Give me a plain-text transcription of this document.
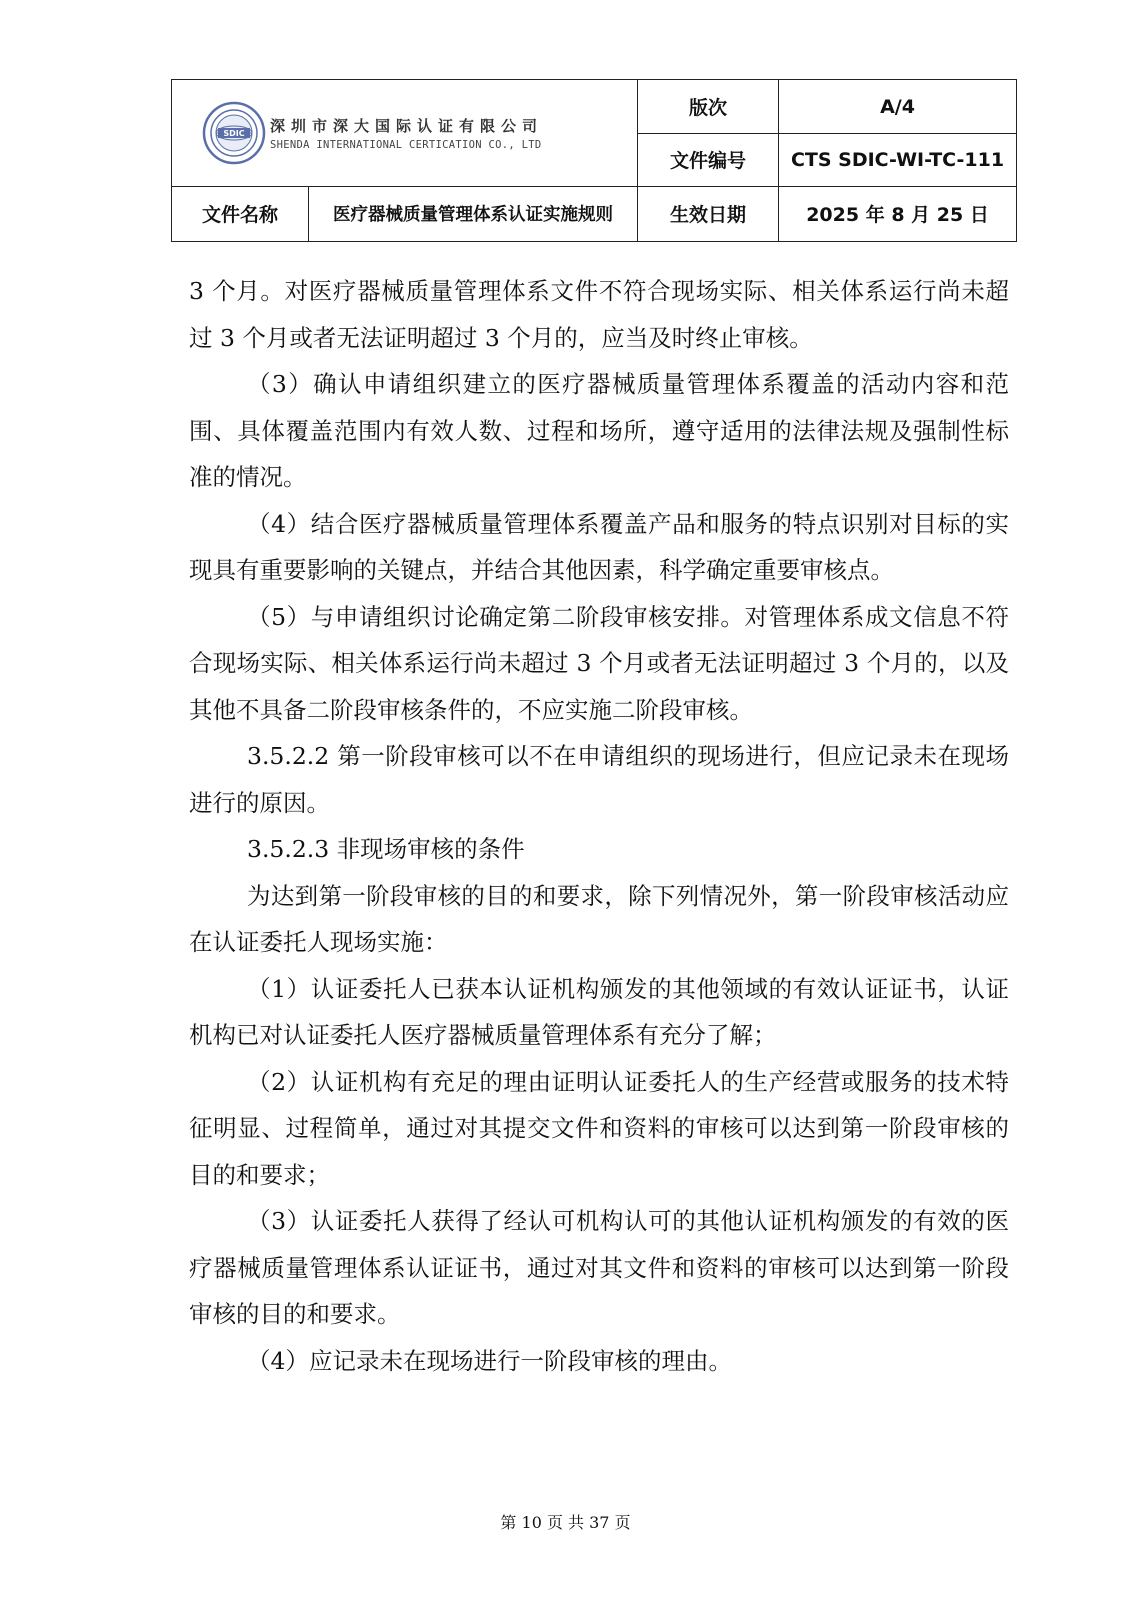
SDIC 深圳市深大国际认证有限公司
SHENDA INTERNATIONAL CERTICATION CO., LTD		版次	A/4
		文件编号	CTS SDIC-WI-TC-111
文件名称	医疗器械质量管理体系认证实施规则	生效日期	2025 年 8 月 25 日

3 个月。对医疗器械质量管理体系文件不符合现场实际、相关体系运行尚未超过 3 个月或者无法证明超过 3 个月的，应当及时终止审核。

（3）确认申请组织建立的医疗器械质量管理体系覆盖的活动内容和范围、具体覆盖范围内有效人数、过程和场所，遵守适用的法律法规及强制性标准的情况。

（4）结合医疗器械质量管理体系覆盖产品和服务的特点识别对目标的实现具有重要影响的关键点，并结合其他因素，科学确定重要审核点。

（5）与申请组织讨论确定第二阶段审核安排。对管理体系成文信息不符合现场实际、相关体系运行尚未超过 3 个月或者无法证明超过 3 个月的，以及其他不具备二阶段审核条件的，不应实施二阶段审核。

3.5.2.2 第一阶段审核可以不在申请组织的现场进行，但应记录未在现场进行的原因。

3.5.2.3 非现场审核的条件

为达到第一阶段审核的目的和要求，除下列情况外，第一阶段审核活动应在认证委托人现场实施：

（1）认证委托人已获本认证机构颁发的其他领域的有效认证证书，认证机构已对认证委托人医疗器械质量管理体系有充分了解；

（2）认证机构有充足的理由证明认证委托人的生产经营或服务的技术特征明显、过程简单，通过对其提交文件和资料的审核可以达到第一阶段审核的目的和要求；

（3）认证委托人获得了经认可机构认可的其他认证机构颁发的有效的医疗器械质量管理体系认证证书，通过对其文件和资料的审核可以达到第一阶段审核的目的和要求。

（4）应记录未在现场进行一阶段审核的理由。

第 10 页 共 37 页
